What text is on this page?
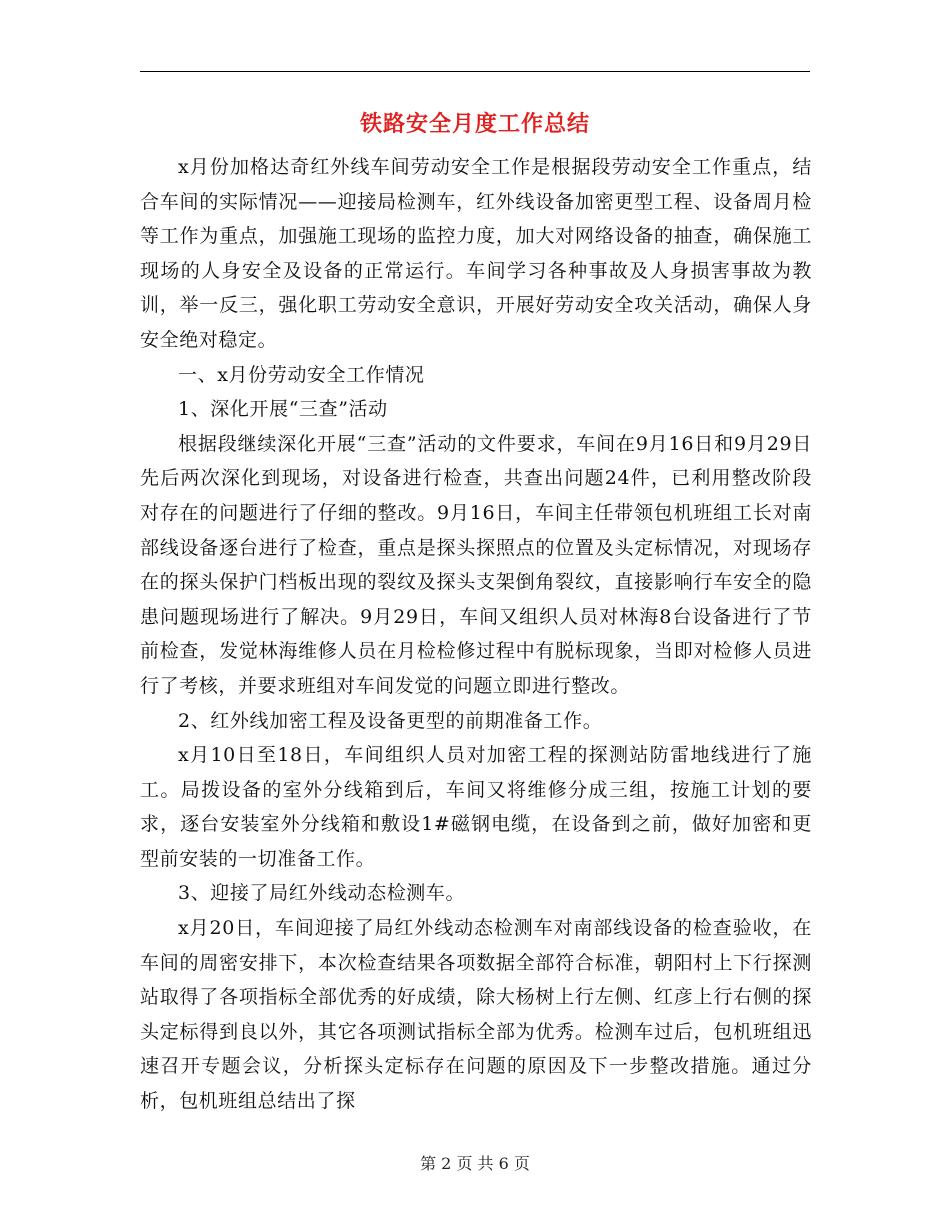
铁路安全月度工作总结

x月份加格达奇红外线车间劳动安全工作是根据段劳动安全工作重点，结合车间的实际情况——迎接局检测车，红外线设备加密更型工程、设备周月检等工作为重点，加强施工现场的监控力度，加大对网络设备的抽查，确保施工现场的人身安全及设备的正常运行。车间学习各种事故及人身损害事故为教训，举一反三，强化职工劳动安全意识，开展好劳动安全攻关活动，确保人身安全绝对稳定。

一、x月份劳动安全工作情况

1、深化开展“三查”活动

根据段继续深化开展“三查”活动的文件要求，车间在9月16日和9月29日先后两次深化到现场，对设备进行检查，共查出问题24件，已利用整改阶段对存在的问题进行了仔细的整改。9月16日，车间主任带领包机班组工长对南部线设备逐台进行了检查，重点是探头探照点的位置及头定标情况，对现场存在的探头保护门档板出现的裂纹及探头支架倒角裂纹，直接影响行车安全的隐患问题现场进行了解决。9月29日，车间又组织人员对林海8台设备进行了节前检查，发觉林海维修人员在月检检修过程中有脱标现象，当即对检修人员进行了考核，并要求班组对车间发觉的问题立即进行整改。

2、红外线加密工程及设备更型的前期准备工作。

x月10日至18日，车间组织人员对加密工程的探测站防雷地线进行了施工。局拨设备的室外分线箱到后，车间又将维修分成三组，按施工计划的要求，逐台安装室外分线箱和敷设1#磁钢电缆，在设备到之前，做好加密和更型前安装的一切准备工作。

3、迎接了局红外线动态检测车。

x月20日，车间迎接了局红外线动态检测车对南部线设备的检查验收，在车间的周密安排下，本次检查结果各项数据全部符合标准，朝阳村上下行探测站取得了各项指标全部优秀的好成绩，除大杨树上行左侧、红彦上行右侧的探头定标得到良以外，其它各项测试指标全部为优秀。检测车过后，包机班组迅速召开专题会议，分析探头定标存在问题的原因及下一步整改措施。通过分析，包机班组总结出了探

第 2 页 共 6 页
